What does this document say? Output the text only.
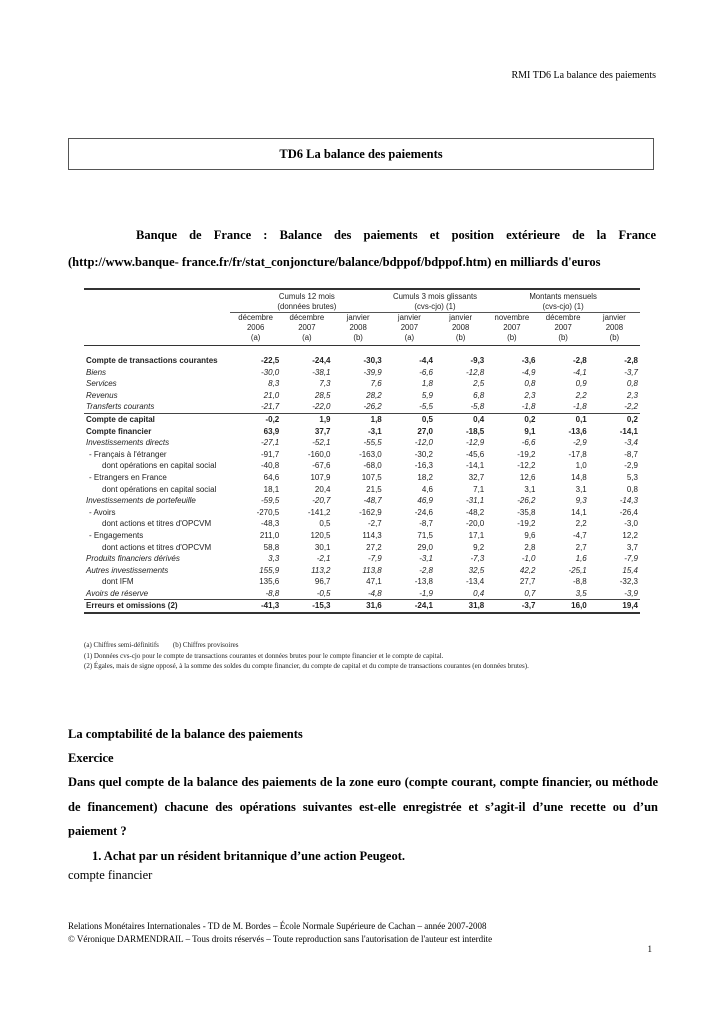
RMI TD6 La balance des paiements
TD6 La balance des paiements
Banque de France : Balance des paiements et position extérieure de la France (http://www.banque- france.fr/fr/stat_conjoncture/balance/bdppof/bdppof.htm) en milliards d'euros
	Cumuls 12 mois			Cumuls 3 mois glissants		Montants mensuels		
	(données brutes)			(cvs-cjo) (1)		(cvs-cjo) (1)		
	décembre	décembre	janvier	janvier	janvier	novembre	décembre	janvier
	2006	2007	2008	2007	2008	2007	2007	2008
	(a)	(a)	(b)	(a)	(b)	(b)	(b)	(b)

Compte de transactions courantes	-22,5	-24,4	-30,3	-4,4	-9,3	-3,6	-2,8	-2,8
Biens	-30,0	-38,1	-39,9	-6,6	-12,8	-4,9	-4,1	-3,7
Services	8,3	7,3	7,6	1,8	2,5	0,8	0,9	0,8
Revenus	21,0	28,5	28,2	5,9	6,8	2,3	2,2	2,3
Transferts courants	-21,7	-22,0	-26,2	-5,5	-5,8	-1,8	-1,8	-2,2
Compte de capital	-0,2	1,9	1,8	0,5	0,4	0,2	0,1	0,2
Compte financier	63,9	37,7	-3,1	27,0	-18,5	9,1	-13,6	-14,1
Investissements directs	-27,1	-52,1	-55,5	-12,0	-12,9	-6,6	-2,9	-3,4
- Français à l'étranger	-91,7	-160,0	-163,0	-30,2	-45,6	-19,2	-17,8	-8,7
dont opérations en capital social	-40,8	-67,6	-68,0	-16,3	-14,1	-12,2	1,0	-2,9
- Etrangers en France	64,6	107,9	107,5	18,2	32,7	12,6	14,8	5,3
dont opérations en capital social	18,1	20,4	21,5	4,6	7,1	3,1	3,1	0,8
Investissements de portefeuille	-59,5	-20,7	-48,7	46,9	-31,1	-26,2	9,3	-14,3
- Avoirs	-270,5	-141,2	-162,9	-24,6	-48,2	-35,8	14,1	-26,4
dont actions et titres d'OPCVM	-48,3	0,5	-2,7	-8,7	-20,0	-19,2	2,2	-3,0
- Engagements	211,0	120,5	114,3	71,5	17,1	9,6	-4,7	12,2
dont actions et titres d'OPCVM	58,8	30,1	27,2	29,0	9,2	2,8	2,7	3,7
Produits financiers dérivés	3,3	-2,1	-7,9	-3,1	-7,3	-1,0	1,6	-7,9
Autres investissements	155,9	113,2	113,8	-2,8	32,5	42,2	-25,1	15,4
dont IFM	135,6	96,7	47,1	-13,8	-13,4	27,7	-8,8	-32,3
Avoirs de réserve	-8,8	-0,5	-4,8	-1,9	0,4	0,7	3,5	-3,9
Erreurs et omissions (2)	-41,3	-15,3	31,6	-24,1	31,8	-3,7	16,0	19,4
(a) Chiffres semi-définitifs        (b) Chiffres provisoires
(1) Données cvs-cjo pour le compte de transactions courantes et données brutes pour le compte financier et le compte de capital.
(2) Égales, mais de signe opposé, à la somme des soldes du compte financier, du compte de capital et du compte de transactions courantes (en données brutes).
La comptabilité de la balance des paiements
Exercice
Dans quel compte de la balance des paiements de la zone euro (compte courant, compte financier, ou méthode de financement) chacune des opérations suivantes est-elle enregistrée et s’agit-il d’une recette ou d’un paiement ?
1. Achat par un résident britannique d’une action Peugeot.
compte financier
Relations Monétaires Internationales - TD de M. Bordes – École Normale Supérieure de Cachan – année 2007-2008
© Véronique DARMENDRAIL – Tous droits réservés – Toute reproduction sans l'autorisation de l'auteur est interdite
1
